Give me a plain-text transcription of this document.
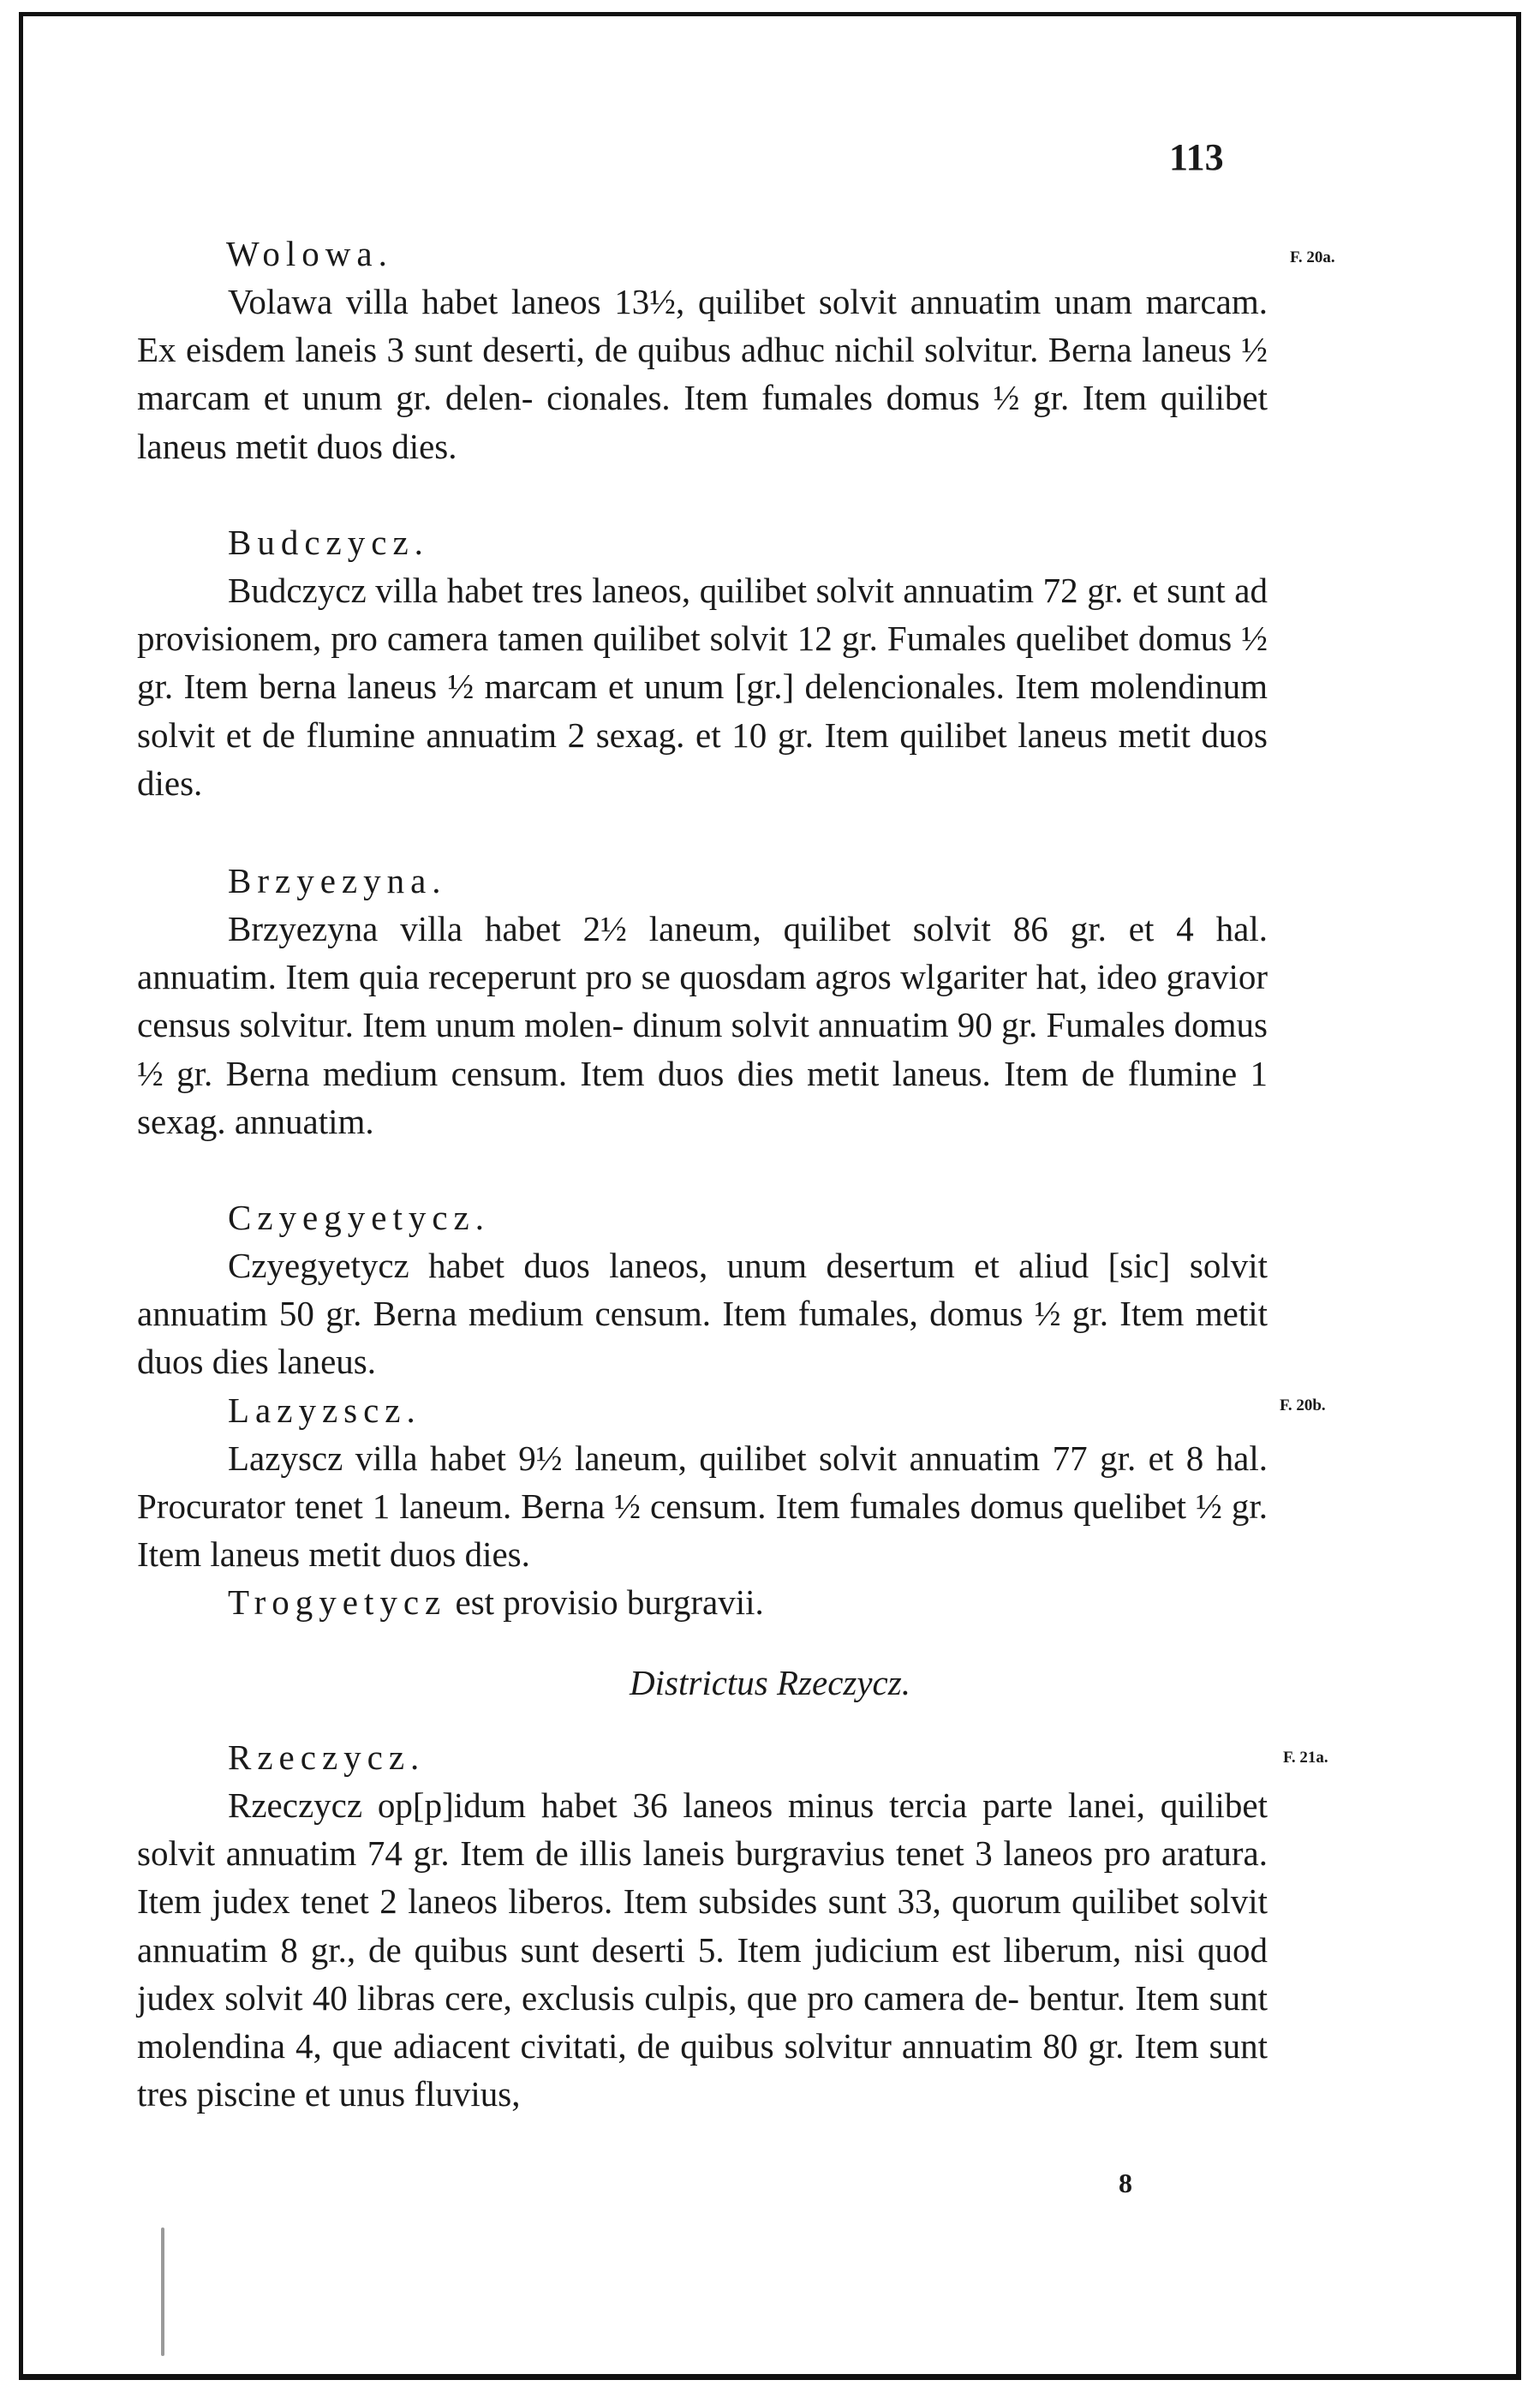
113
F. 20a.
F. 20b.
F. 21a.
Wolowa.

Volawa villa habet laneos 13½, quilibet solvit annuatim unam marcam. Ex eisdem laneis 3 sunt deserti, de quibus adhuc nichil solvitur. Berna laneus ½ marcam et unum gr. delen- cionales. Item fumales domus ½ gr. Item quilibet laneus metit duos dies.

Budczycz.

Budczycz villa habet tres laneos, quilibet solvit annuatim 72 gr. et sunt ad provisionem, pro camera tamen quilibet solvit 12 gr. Fumales quelibet domus ½ gr. Item berna laneus ½ marcam et unum [gr.] delencionales. Item molendinum solvit et de flumine annuatim 2 sexag. et 10 gr. Item quilibet laneus metit duos dies.

Brzyezyna.

Brzyezyna villa habet 2½ laneum, quilibet solvit 86 gr. et 4 hal. annuatim. Item quia receperunt pro se quosdam agros wlgariter hat, ideo gravior census solvitur. Item unum molen- dinum solvit annuatim 90 gr. Fumales domus ½ gr. Berna medium censum. Item duos dies metit laneus. Item de flumine 1 sexag. annuatim.

Czyegyetycz.

Czyegyetycz habet duos laneos, unum desertum et aliud [sic] solvit annuatim 50 gr. Berna medium censum. Item fumales, domus ½ gr. Item metit duos dies laneus.

Lazyzscz.

Lazyscz villa habet 9½ laneum, quilibet solvit annuatim 77 gr. et 8 hal. Procurator tenet 1 laneum. Berna ½ censum. Item fumales domus quelibet ½ gr. Item laneus metit duos dies.

Trogyetycz est provisio burgravii.
Districtus Rzeczycz.
Rzeczycz.

Rzeczycz op[p]idum habet 36 laneos minus tercia parte lanei, quilibet solvit annuatim 74 gr. Item de illis laneis burgravius tenet 3 laneos pro aratura. Item judex tenet 2 laneos liberos. Item subsides sunt 33, quorum quilibet solvit annuatim 8 gr., de quibus sunt deserti 5. Item judicium est liberum, nisi quod judex solvit 40 libras cere, exclusis culpis, que pro camera de- bentur. Item sunt molendina 4, que adiacent civitati, de quibus solvitur annuatim 80 gr. Item sunt tres piscine et unus fluvius,

8
